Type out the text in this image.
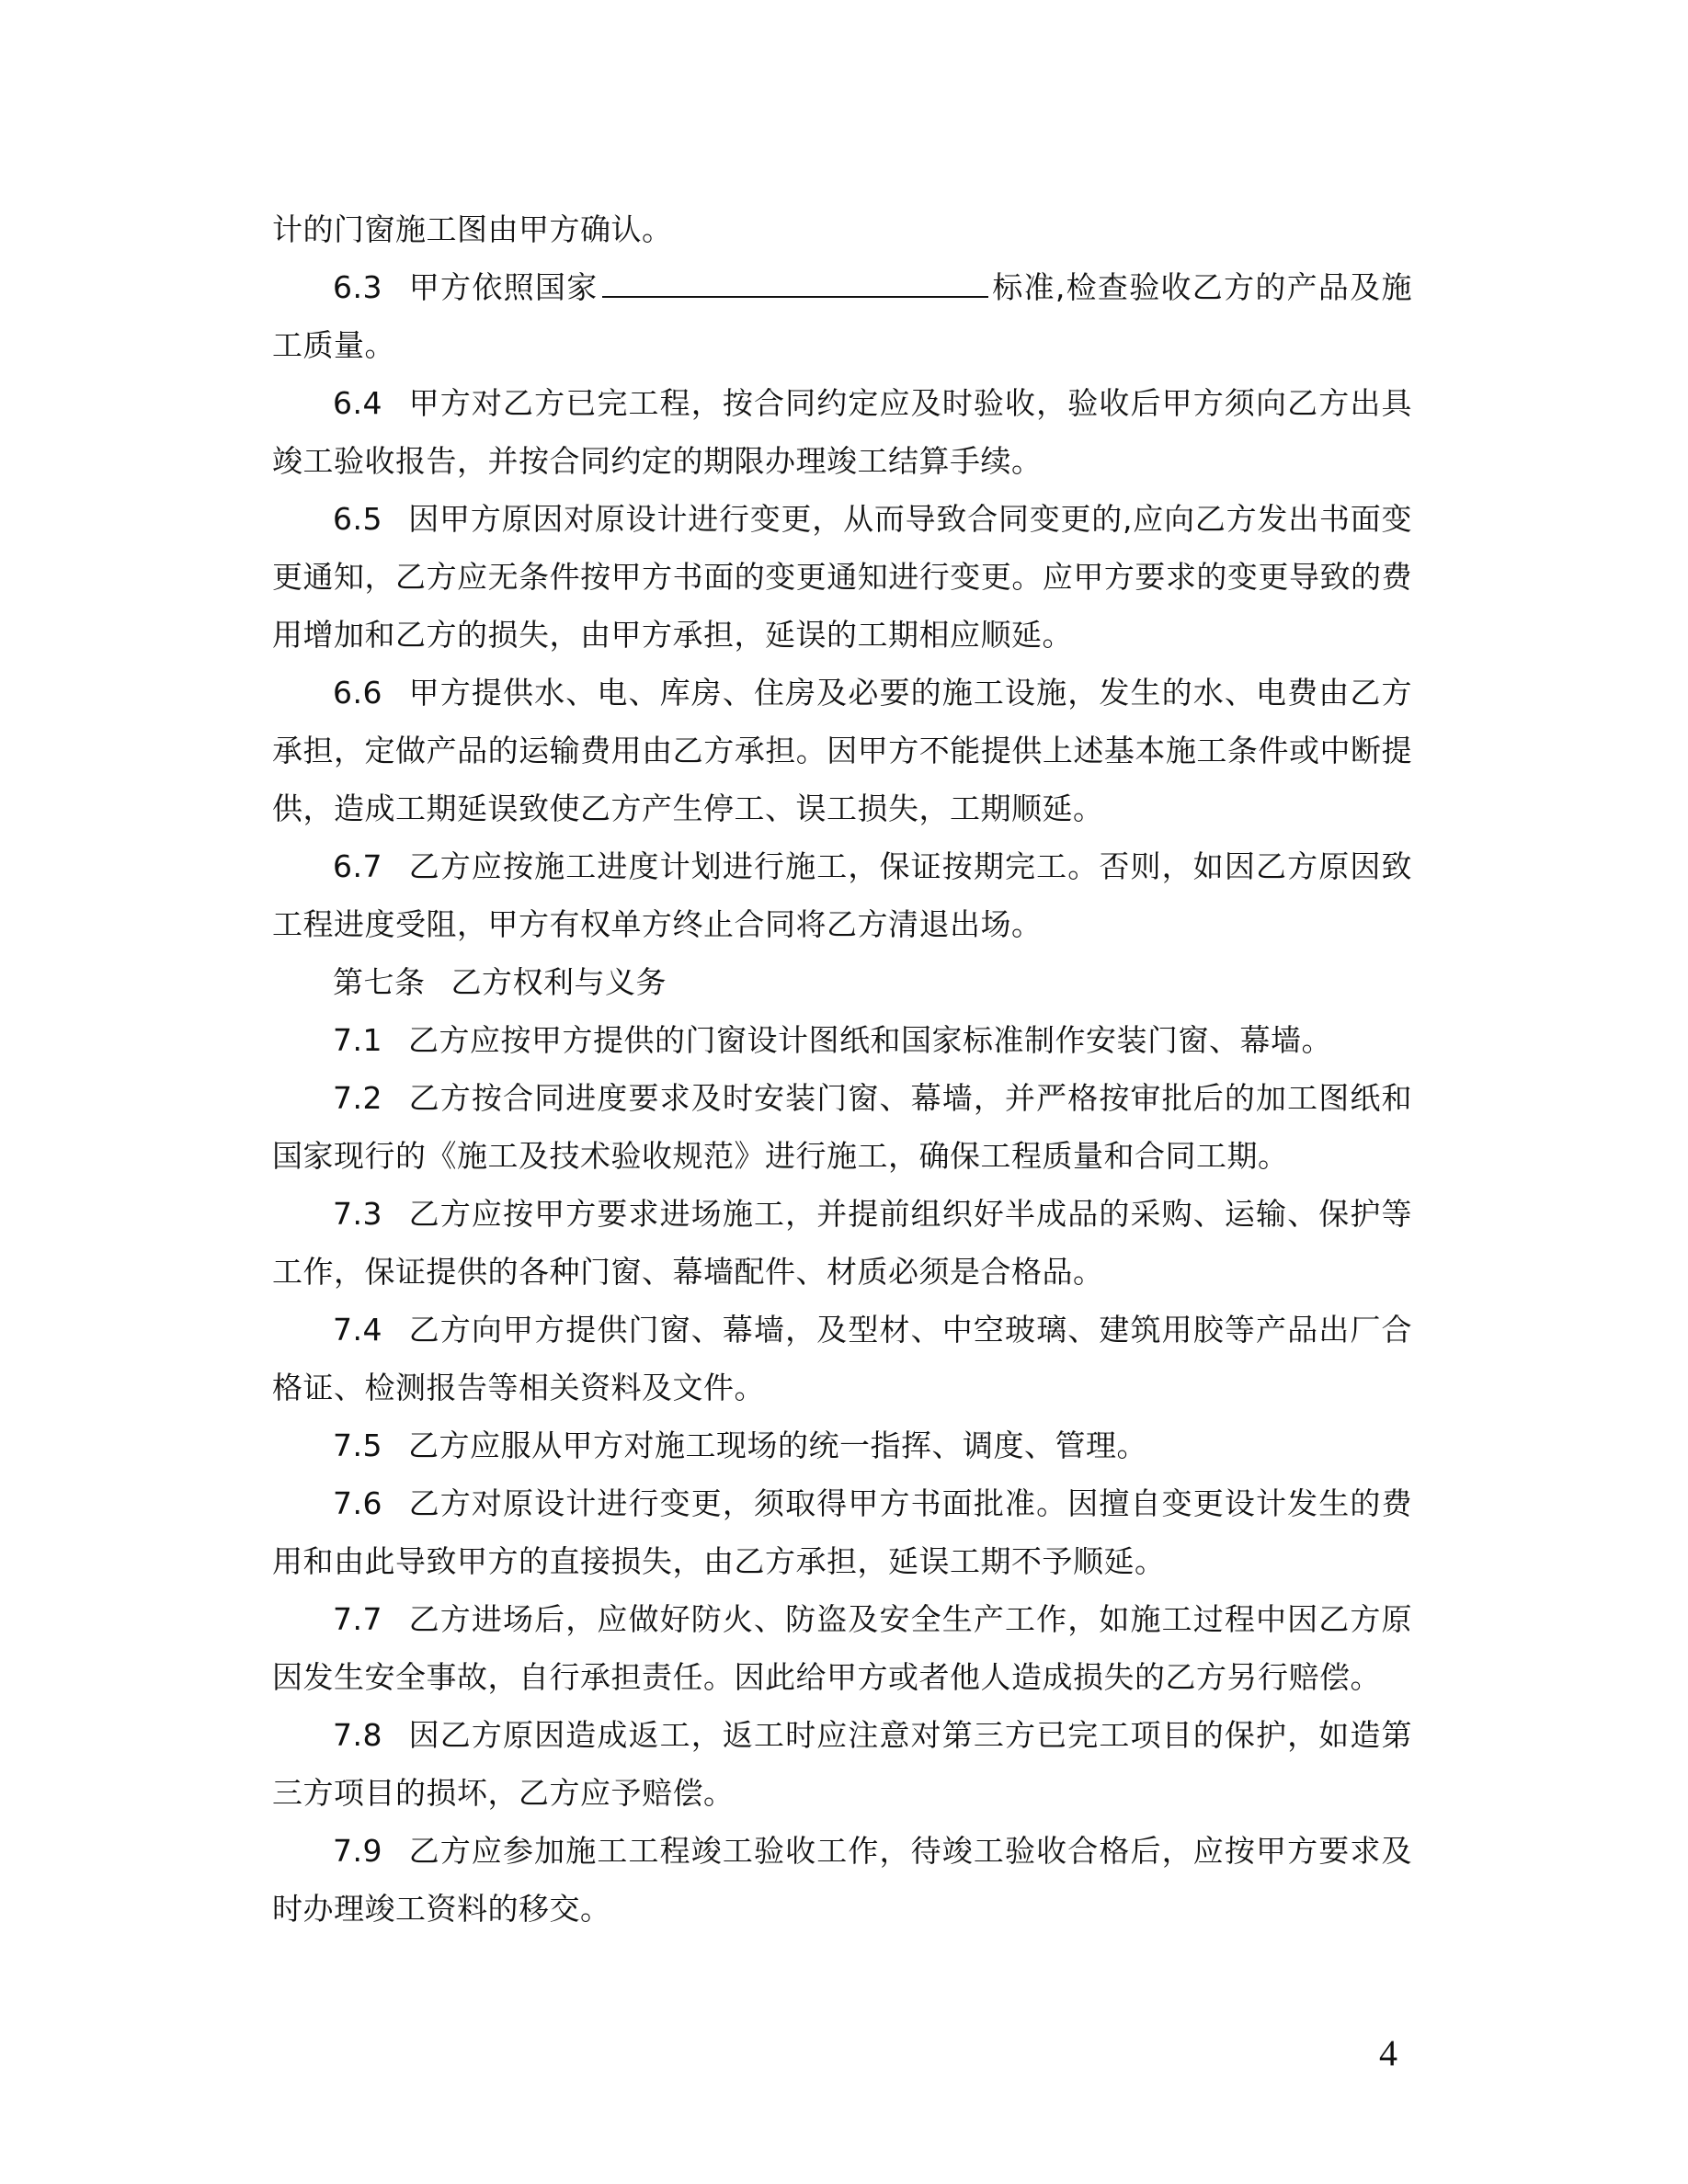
计的门窗施工图由甲方确认。

6.3 甲方依照国家	标准,检查验收乙方的产品及施工质量。

6.4 甲方对乙方已完工程，按合同约定应及时验收，验收后甲方须向乙方出具竣工验收报告，并按合同约定的期限办理竣工结算手续。

6.5 因甲方原因对原设计进行变更，从而导致合同变更的,应向乙方发出书面变更通知，乙方应无条件按甲方书面的变更通知进行变更。应甲方要求的变更导致的费用增加和乙方的损失，由甲方承担，延误的工期相应顺延。

6.6 甲方提供水、电、库房、住房及必要的施工设施，发生的水、电费由乙方承担，定做产品的运输费用由乙方承担。因甲方不能提供上述基本施工条件或中断提供，造成工期延误致使乙方产生停工、误工损失，工期顺延。

6.7 乙方应按施工进度计划进行施工，保证按期完工。否则，如因乙方原因致工程进度受阻，甲方有权单方终止合同将乙方清退出场。

第七条 乙方权利与义务

7.1 乙方应按甲方提供的门窗设计图纸和国家标准制作安装门窗、幕墙。

7.2 乙方按合同进度要求及时安装门窗、幕墙，并严格按审批后的加工图纸和国家现行的《施工及技术验收规范》进行施工，确保工程质量和合同工期。

7.3 乙方应按甲方要求进场施工，并提前组织好半成品的采购、运输、保护等工作，保证提供的各种门窗、幕墙配件、材质必须是合格品。

7.4 乙方向甲方提供门窗、幕墙，及型材、中空玻璃、建筑用胶等产品出厂合格证、检测报告等相关资料及文件。

7.5 乙方应服从甲方对施工现场的统一指挥、调度、管理。

7.6 乙方对原设计进行变更，须取得甲方书面批准。因擅自变更设计发生的费用和由此导致甲方的直接损失，由乙方承担，延误工期不予顺延。

7.7 乙方进场后，应做好防火、防盗及安全生产工作，如施工过程中因乙方原因发生安全事故，自行承担责任。因此给甲方或者他人造成损失的乙方另行赔偿。

7.8 因乙方原因造成返工，返工时应注意对第三方已完工项目的保护，如造第三方项目的损坏，乙方应予赔偿。

7.9 乙方应参加施工工程竣工验收工作，待竣工验收合格后，应按甲方要求及时办理竣工资料的移交。

4
